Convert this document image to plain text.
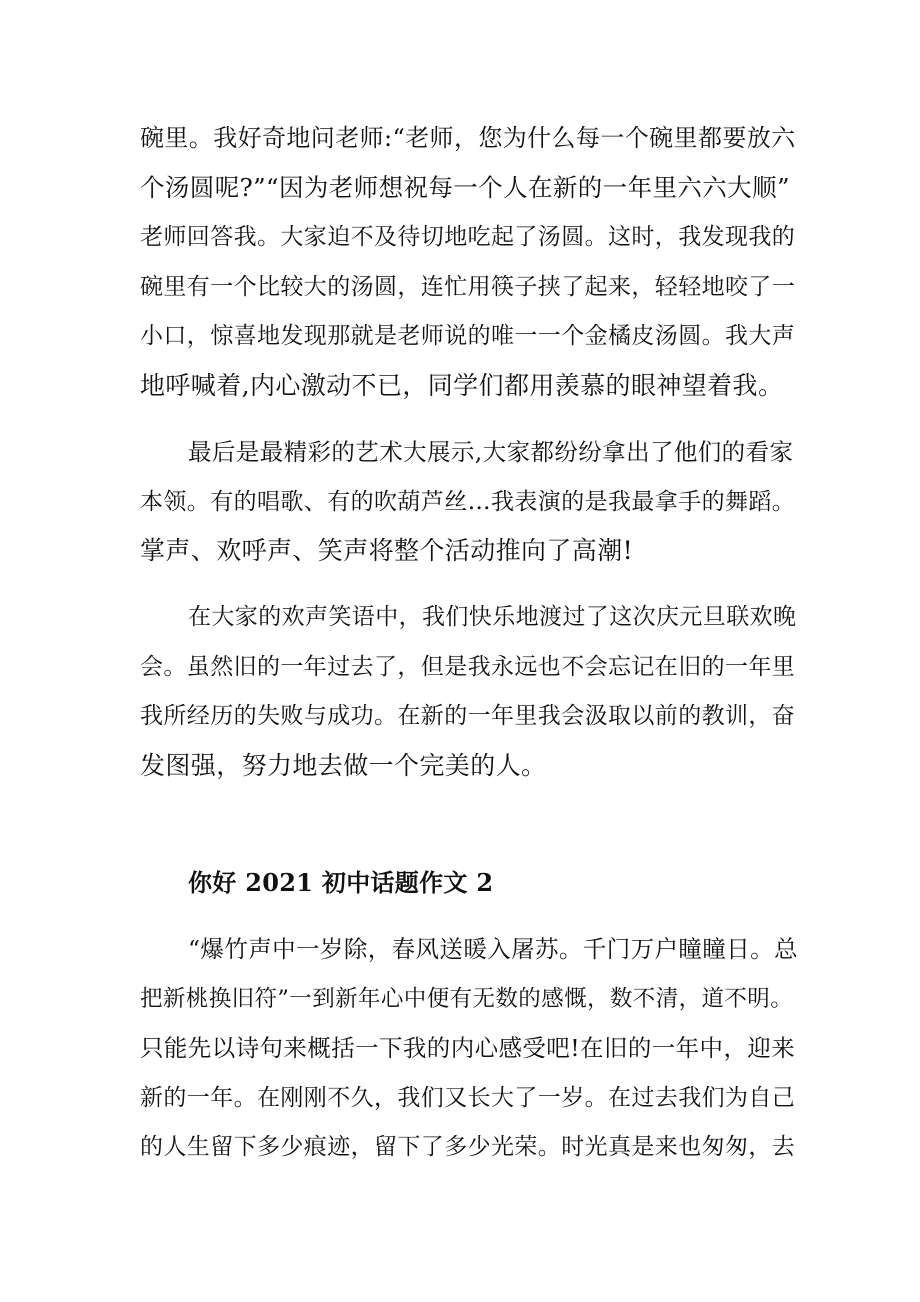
碗里。我好奇地问老师:“老师，您为什么每一个碗里都要放六
个汤圆呢?”“因为老师想祝每一个人在新的一年里六六大顺”
老师回答我。大家迫不及待切地吃起了汤圆。这时，我发现我的
碗里有一个比较大的汤圆，连忙用筷子挟了起来，轻轻地咬了一
小口，惊喜地发现那就是老师说的唯一一个金橘皮汤圆。我大声
地呼喊着,内心激动不已，同学们都用羡慕的眼神望着我。
最后是最精彩的艺术大展示,大家都纷纷拿出了他们的看家
本领。有的唱歌、有的吹葫芦丝…我表演的是我最拿手的舞蹈。
掌声、欢呼声、笑声将整个活动推向了高潮!
在大家的欢声笑语中，我们快乐地渡过了这次庆元旦联欢晚
会。虽然旧的一年过去了，但是我永远也不会忘记在旧的一年里
我所经历的失败与成功。在新的一年里我会汲取以前的教训，奋
发图强，努力地去做一个完美的人。
你好 2021 初中话题作文 2
“爆竹声中一岁除，春风送暖入屠苏。千门万户瞳瞳日。总
把新桃换旧符”一到新年心中便有无数的感慨，数不清，道不明。
只能先以诗句来概括一下我的内心感受吧!在旧的一年中，迎来
新的一年。在刚刚不久，我们又长大了一岁。在过去我们为自己
的人生留下多少痕迹，留下了多少光荣。时光真是来也匆匆，去
